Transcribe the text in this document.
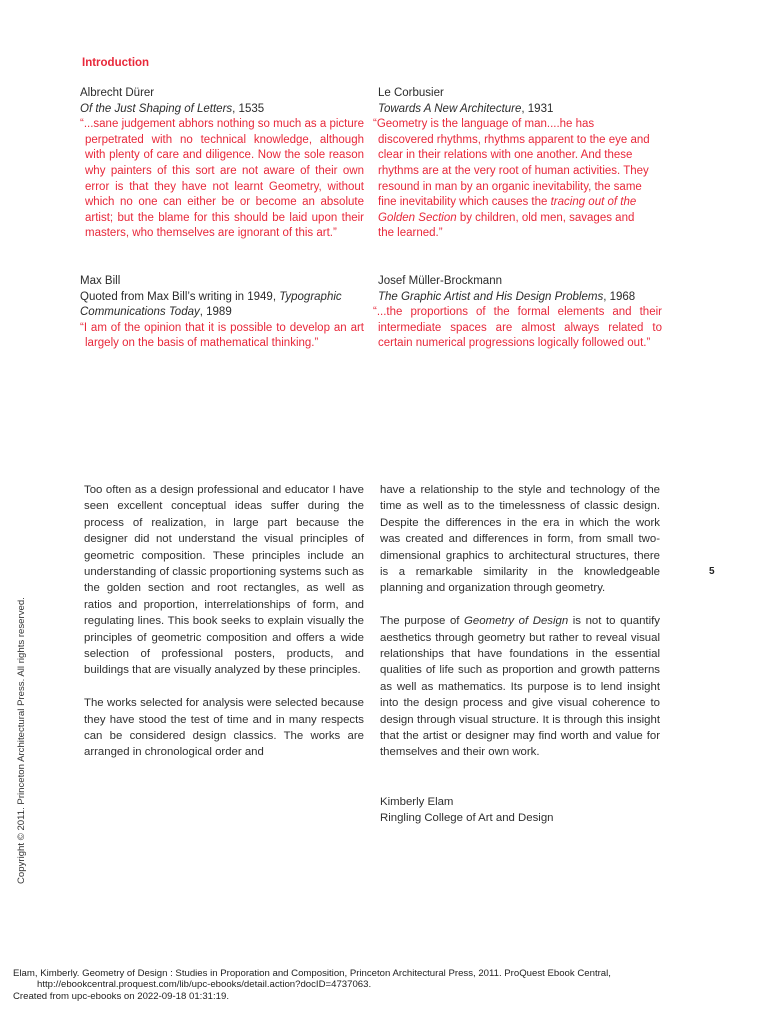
Introduction
Albrecht Dürer
Of the Just Shaping of Letters, 1535
“...sane judgement abhors nothing so much as a picture perpetrated with no technical knowledge, although with plenty of care and diligence. Now the sole reason why painters of this sort are not aware of their own error is that they have not learnt Geometry, without which no one can either be or become an absolute artist; but the blame for this should be laid upon their masters, who themselves are ignorant of this art.”
Le Corbusier
Towards A New Architecture, 1931
“Geometry is the language of man....he has discovered rhythms, rhythms apparent to the eye and clear in their relations with one another. And these rhythms are at the very root of human activities. They resound in man by an organic inevitability, the same fine inevitability which causes the tracing out of the Golden Section by children, old men, savages and the learned.”
Max Bill
Quoted from Max Bill’s writing in 1949, Typographic Communications Today, 1989
“I am of the opinion that it is possible to develop an art largely on the basis of mathematical thinking.”
Josef Müller-Brockmann
The Graphic Artist and His Design Problems, 1968
“...the proportions of the formal elements and their intermediate spaces are almost always related to certain numerical progressions logically followed out.”

Too often as a design professional and educator I have seen excellent conceptual ideas suffer during the process of realization, in large part because the designer did not understand the visual principles of geometric composition. These principles include an understanding of classic proportioning systems such as the golden section and root rectangles, as well as ratios and proportion, interrelationships of form, and regulating lines. This book seeks to explain visually the principles of geometric composition and offers a wide selection of professional posters, products, and buildings that are visually analyzed by these principles.

The works selected for analysis were selected because they have stood the test of time and in many respects can be considered design classics. The works are arranged in chronological order and

have a relationship to the style and technology of the time as well as to the timelessness of classic design. Despite the differences in the era in which the work was created and differences in form, from small two-dimensional graphics to architectural structures, there is a remarkable similarity in the knowledgeable planning and organization through geometry.

The purpose of Geometry of Design is not to quantify aesthetics through geometry but rather to reveal visual relationships that have foundations in the essential qualities of life such as proportion and growth patterns as well as mathematics. Its purpose is to lend insight into the design process and give visual coherence to design through visual structure. It is through this insight that the artist or designer may find worth and value for themselves and their own work.

Kimberly Elam
Ringling College of Art and Design
5
Copyright © 2011. Princeton Architectural Press. All rights reserved.
Elam, Kimberly. Geometry of Design : Studies in Proporation and Composition, Princeton Architectural Press, 2011. ProQuest Ebook Central,
http://ebookcentral.proquest.com/lib/upc-ebooks/detail.action?docID=4737063.
Created from upc-ebooks on 2022-09-18 01:31:19.
